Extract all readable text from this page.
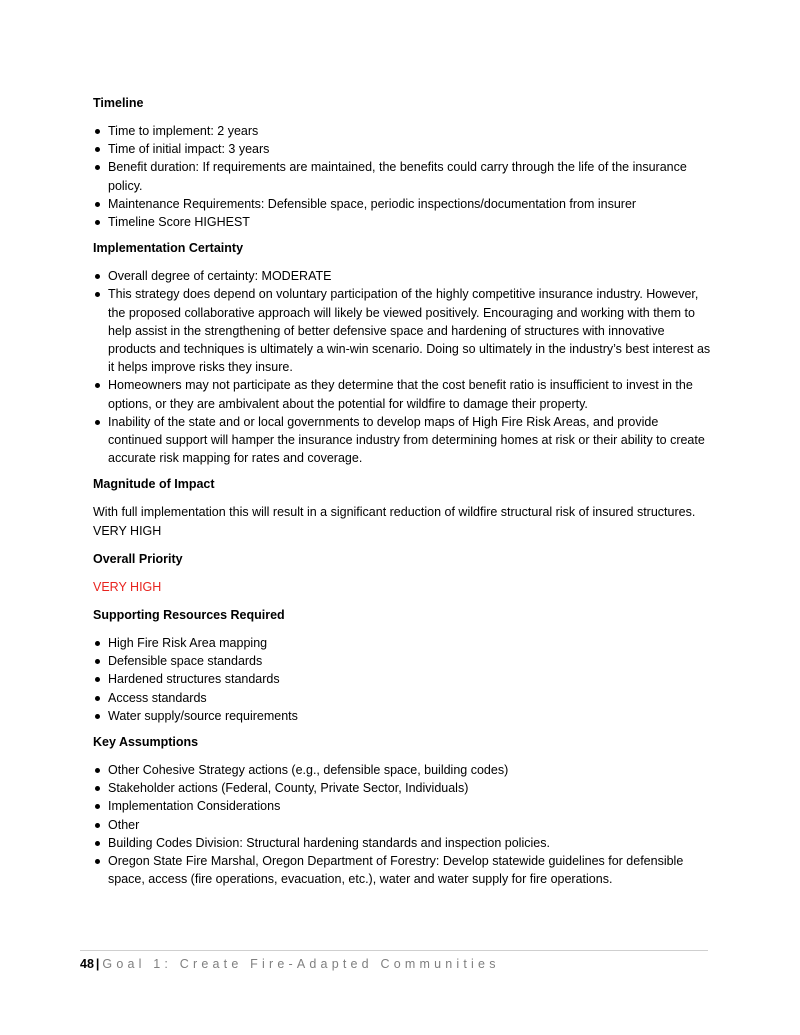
Timeline
Time to implement: 2 years
Time of initial impact: 3 years
Benefit duration: If requirements are maintained, the benefits could carry through the life of the insurance policy.
Maintenance Requirements: Defensible space, periodic inspections/documentation from insurer
Timeline Score HIGHEST
Implementation Certainty
Overall degree of certainty: MODERATE
This strategy does depend on voluntary participation of the highly competitive insurance industry. However, the proposed collaborative approach will likely be viewed positively. Encouraging and working with them to help assist in the strengthening of better defensive space and hardening of structures with innovative products and techniques is ultimately a win-win scenario. Doing so ultimately in the industry’s best interest as it helps improve risks they insure.
Homeowners may not participate as they determine that the cost benefit ratio is insufficient to invest in the options, or they are ambivalent about the potential for wildfire to damage their property.
Inability of the state and or local governments to develop maps of High Fire Risk Areas, and provide continued support will hamper the insurance industry from determining homes at risk or their ability to create accurate risk mapping for rates and coverage.
Magnitude of Impact

With full implementation this will result in a significant reduction of wildfire structural risk of insured structures. VERY HIGH

Overall Priority

VERY HIGH

Supporting Resources Required
High Fire Risk Area mapping
Defensible space standards
Hardened structures standards
Access standards
Water supply/source requirements
Key Assumptions
Other Cohesive Strategy actions (e.g., defensible space, building codes)
Stakeholder actions (Federal, County, Private Sector, Individuals)
Implementation Considerations
Other
Building Codes Division: Structural hardening standards and inspection policies.
Oregon State Fire Marshal, Oregon Department of Forestry: Develop statewide guidelines for defensible space, access (fire operations, evacuation, etc.), water and water supply for fire operations.
48 | Goal 1: Create Fire-Adapted Communities
